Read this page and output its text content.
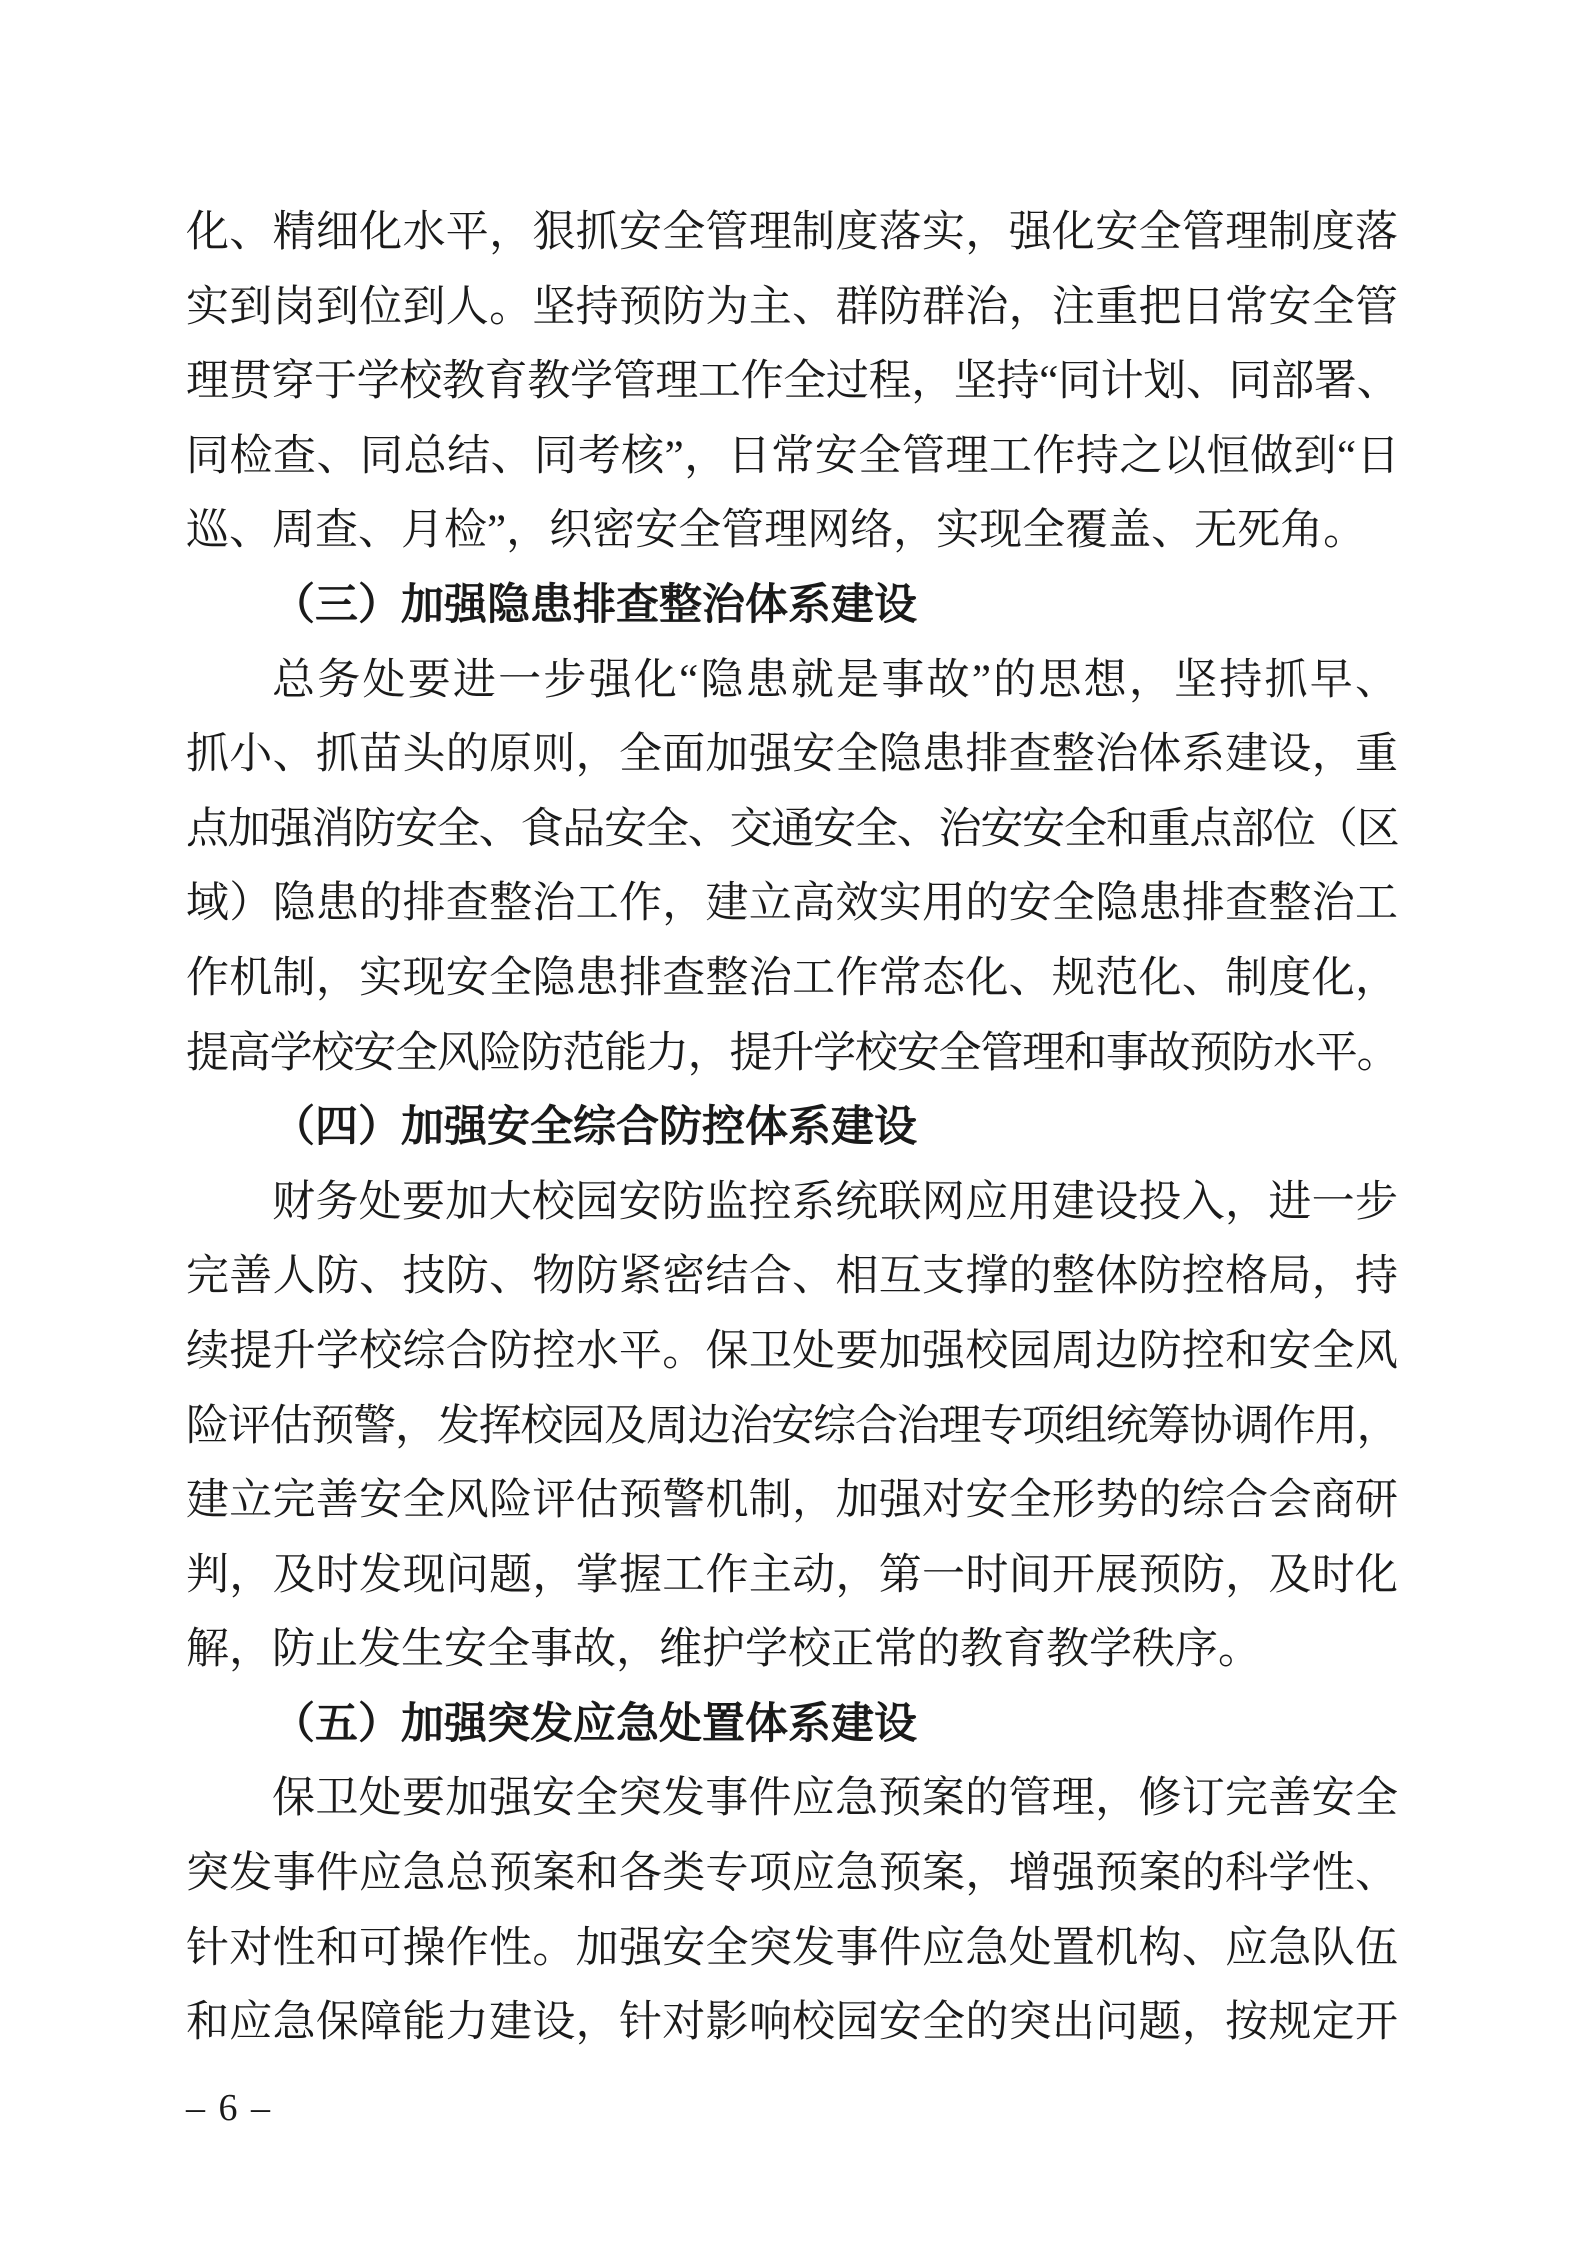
化、精细化水平，狠抓安全管理制度落实，强化安全管理制度落
实到岗到位到人。坚持预防为主、群防群治，注重把日常安全管
理贯穿于学校教育教学管理工作全过程，坚持“同计划、同部署、
同检查、同总结、同考核”，日常安全管理工作持之以恒做到“日
巡、周查、月检”，织密安全管理网络，实现全覆盖、无死角。
（三）加强隐患排查整治体系建设
总务处要进一步强化“隐患就是事故”的思想，坚持抓早、
抓小、抓苗头的原则，全面加强安全隐患排查整治体系建设，重
点加强消防安全、食品安全、交通安全、治安安全和重点部位（区
域）隐患的排查整治工作，建立高效实用的安全隐患排查整治工
作机制，实现安全隐患排查整治工作常态化、规范化、制度化，
提高学校安全风险防范能力，提升学校安全管理和事故预防水平。
（四）加强安全综合防控体系建设
财务处要加大校园安防监控系统联网应用建设投入，进一步
完善人防、技防、物防紧密结合、相互支撑的整体防控格局，持
续提升学校综合防控水平。保卫处要加强校园周边防控和安全风
险评估预警，发挥校园及周边治安综合治理专项组统筹协调作用，
建立完善安全风险评估预警机制，加强对安全形势的综合会商研
判，及时发现问题，掌握工作主动，第一时间开展预防，及时化
解，防止发生安全事故，维护学校正常的教育教学秩序。
（五）加强突发应急处置体系建设
保卫处要加强安全突发事件应急预案的管理，修订完善安全
突发事件应急总预案和各类专项应急预案，增强预案的科学性、
针对性和可操作性。加强安全突发事件应急处置机构、应急队伍
和应急保障能力建设，针对影响校园安全的突出问题，按规定开
– 6 –
